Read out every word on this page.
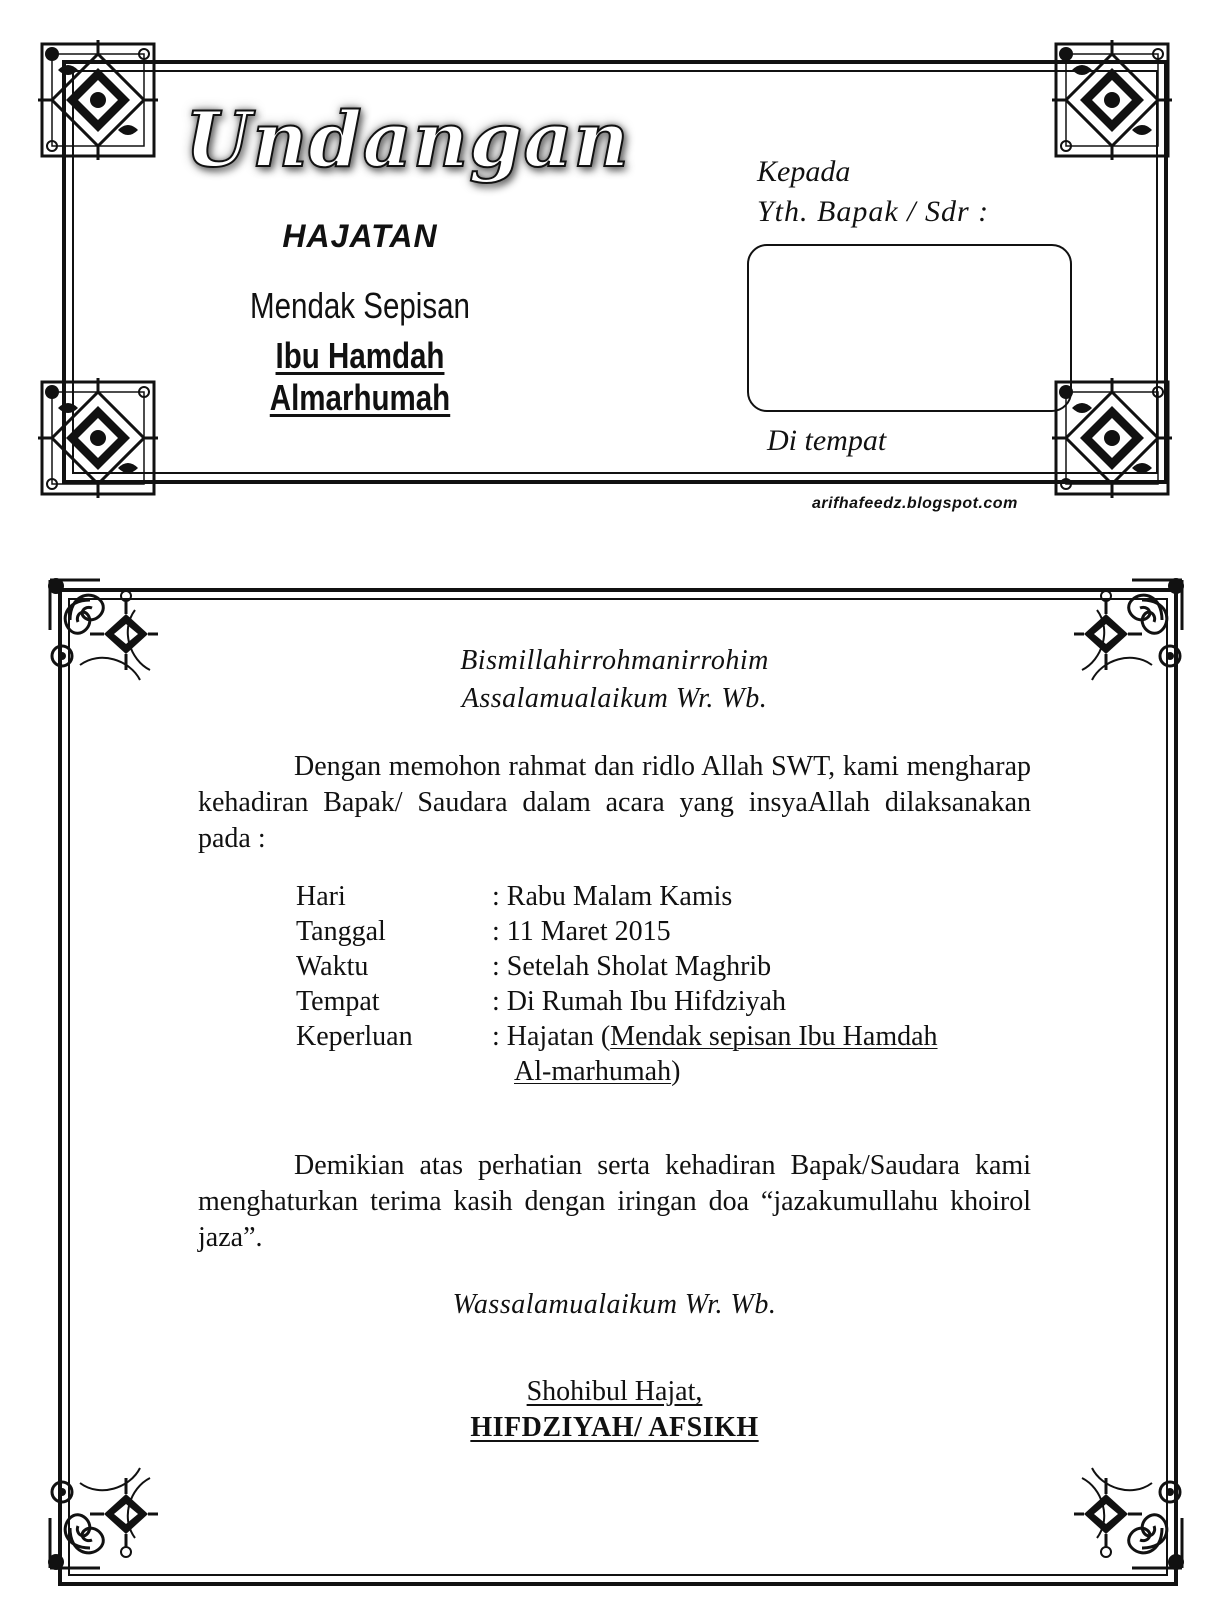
Undangan
HAJATAN
Mendak Sepisan
Ibu Hamdah Almarhumah
Kepada
Yth. Bapak / Sdr :
Di tempat
arifhafeedz.blogspot.com
Bismillahirrohmanirrohim
Assalamualaikum Wr. Wb.
Dengan memohon rahmat dan ridlo Allah SWT, kami mengharap kehadiran Bapak/ Saudara dalam acara yang insyaAllah dilaksanakan pada :
Hari	: Rabu Malam Kamis
Tanggal	: 11 Maret 2015
Waktu	: Setelah Sholat Maghrib
Tempat	: Di Rumah Ibu Hifdziyah
Keperluan	: Hajatan (Mendak sepisan Ibu Hamdah
Al-marhumah)
Demikian atas perhatian serta kehadiran Bapak/Saudara kami menghaturkan terima kasih dengan iringan doa “jazakumullahu khoirol jaza”.
Wassalamualaikum Wr. Wb.
Shohibul Hajat,
HIFDZIYAH/ AFSIKH
